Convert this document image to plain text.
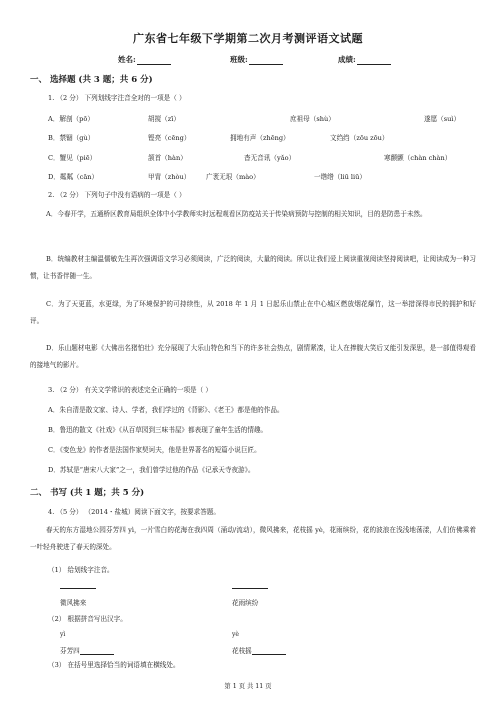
广东省七年级下学期第二次月考测评语文试题
姓名:	班级:	成绩:
一、 选择题 (共 3 题；共 6 分)
1. （2 分） 下列划线字注音全对的一项是（ ）
A．解剖（pō）	胡搅（zī）	庶祖母（shù）	遂愿（suì）
B．禁锢（gù）	铿亮（cēng）	拥地有声（zhēng）	文绉绉（zōu zōu）
C．蟹见（piē）	颔首（hàn）	杳无音讯（yǎo）	寒颤颤（chàn chàn）
D．粼粼（cān）	甲胄（zhòu） 广袤无垠（mào）	一绺绺（liū liū）
2. （2 分） 下列句子中没有语病的一项是（ ）
A．今春开学，五通桥区教育局组织全体中小学教师实时远程观看区防疫站关于传染病预防与控制的相关知识，目的是防患于未然。
B．统编教材主编温儒敏先生再次强调语文学习必须阅读，广泛的阅读，大量的阅读。所以让我们爱上阅读重视阅读坚持阅读吧，让阅读成为一种习惯，让书香伴随一生。
C．为了天更蓝，水更绿，为了环境保护的可持续性，从 2018 年 1 月 1 日起乐山禁止在中心城区燃放烟花爆竹，这一举措深得市民的拥护和好评。
D．乐山题材电影《大佛出名猪怕壮》充分展现了大乐山特色和当下的许多社会热点，剧情紧凑，让人在捧腹大笑后又能引发深思，是一部值得观看的接地气的影片。
3. （2 分） 有关文学常识的表述完全正确的一项是（ ）
A．朱自清是散文家、诗人、学者，我们学过的《背影》、《老王》都是他的作品。
B．鲁迅的散文《社戏》《从百草园到三味书屋》都表现了童年生活的情趣。
C．《变色龙》的作者是法国作家契诃夫，他是世界著名的短篇小说巨匠。
D．苏轼是“唐宋八大家”之一，我们曾学过他的作品《记承天寺夜游》。
二、 书写 (共 1 题；共 5 分)
4. （5 分） （2014・盐城）阅读下面文字，按要求答题。
春天的东方湿地公园芬芳四 yì，一片雪白的花海在我四周（涌动/流动），微风拂来，花枝摇 yè，花雨缤纷，花的波浪在浅浅地荡漾，人们仿佛乘着一叶轻舟驶进了春天的深处。
（1） 给划线字注音。

微风拂来	花雨缤纷
（2） 根据拼音写出汉字。
yì	yè
芬芳四	花枝摇
（3） 在括号里选择恰当的词语填在横线处。
第 1 页 共 11 页
